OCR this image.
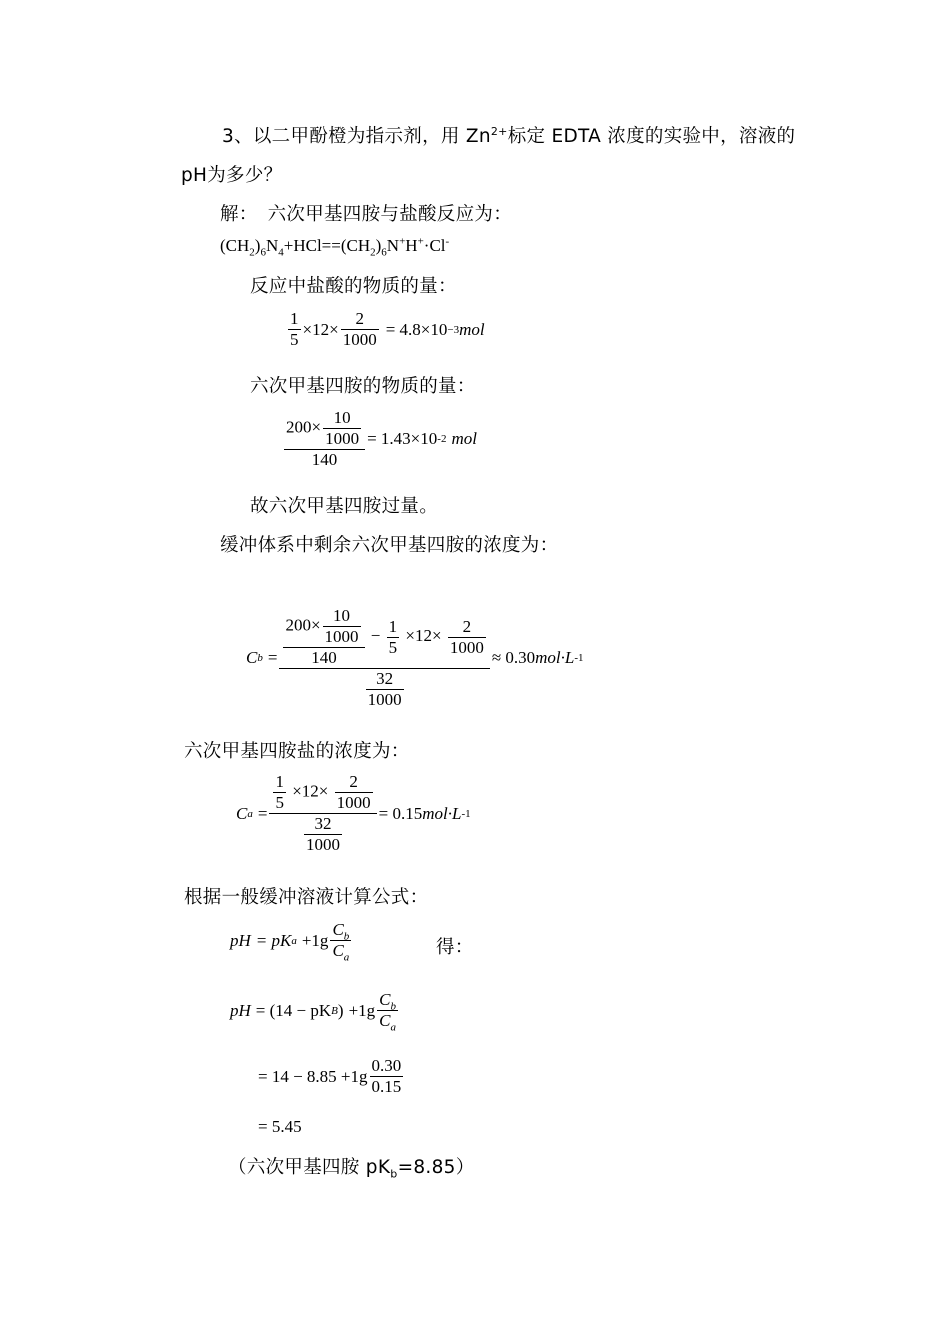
3、以二甲酚橙为指示剂，用 $Zn^{2+}$标定 EDTA 浓度的实验中，溶液的
pH为多少？
解： 六次甲基四胺与盐酸反应为：
$(CH_2)_6N_4+HCl==(CH_2)_6N^+H^+\cdot Cl^-$
反应中盐酸的物质的量：
$\frac{1}{5} \times 12 \times \frac{2}{1000} = 4.8\times 10 -3$ mol
六次甲基四胺的物质的量：
$\frac{200\times \frac{10}{1000}}{140} = 1.43\times 10$ -2 mol
故六次甲基四胺过量。
缓冲体系中剩余六次甲基四胺的浓度为：
C $b = \frac{200\times \frac{10}{1000}}{140} - \frac{1}{5} \times 12\times \frac{2}{1000}$
$\frac{32}{1000}$
≈ 0.30 mol·L -1
六次甲基四胺盐的浓度为：
C $a = \frac{\frac{1}{5} \times 12\times \frac{2}{1000}}{\frac{32}{1000}} = 0.15$ mol·L -1
根据一般缓冲溶液计算公式：
pH = pK $a +1g \frac{C_b}{C_a}$	得：
pH = (14 − pK B ) $+1g \frac{C_b}{C_a}$
= $14 - 8.85 +1g \frac{0.30}{0.15}$
= 5.45
（六次甲基四胺 $pK_b=8.85$）
